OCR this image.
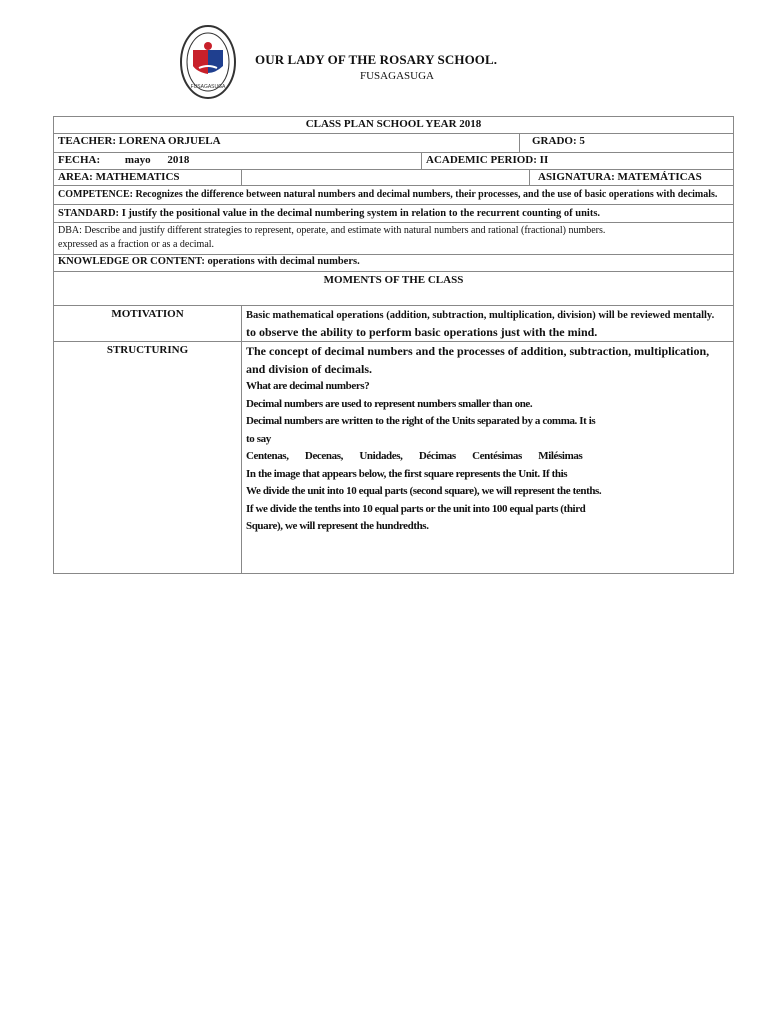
FUSAGASUGA
OUR LADY OF THE ROSARY SCHOOL.
FUSAGASUGA
CLASS PLAN SCHOOL YEAR 2018
TEACHER: LORENA ORJUELA	GRADO: 5
FECHA: mayo 2018	ACADEMIC PERIOD: II
AREA: MATHEMATICS	ASIGNATURA: MATEMÁTICAS
COMPETENCE: Recognizes the difference between natural numbers and decimal numbers, their processes, and the use of basic operations with decimals.
STANDARD: I justify the positional value in the decimal numbering system in relation to the recurrent counting of units.
DBA: Describe and justify different strategies to represent, operate, and estimate with natural numbers and rational (fractional) numbers.
expressed as a fraction or as a decimal.
KNOWLEDGE OR CONTENT: operations with decimal numbers.
MOMENTS OF THE CLASS
MOTIVATION	Basic mathematical operations (addition, subtraction, multiplication, division) will be reviewed mentally.
to observe the ability to perform basic operations just with the mind.
STRUCTURING	The concept of decimal numbers and the processes of addition, subtraction, multiplication, and division of decimals.
What are decimal numbers?
Decimal numbers are used to represent numbers smaller than one.
Decimal numbers are written to the right of the Units separated by a comma. It is
to say
Centenas, Decenas, Unidades, Décimas Centésimas Milésimas
In the image that appears below, the first square represents the Unit. If this
We divide the unit into 10 equal parts (second square), we will represent the tenths.
If we divide the tenths into 10 equal parts or the unit into 100 equal parts (third
Square), we will represent the hundredths.
